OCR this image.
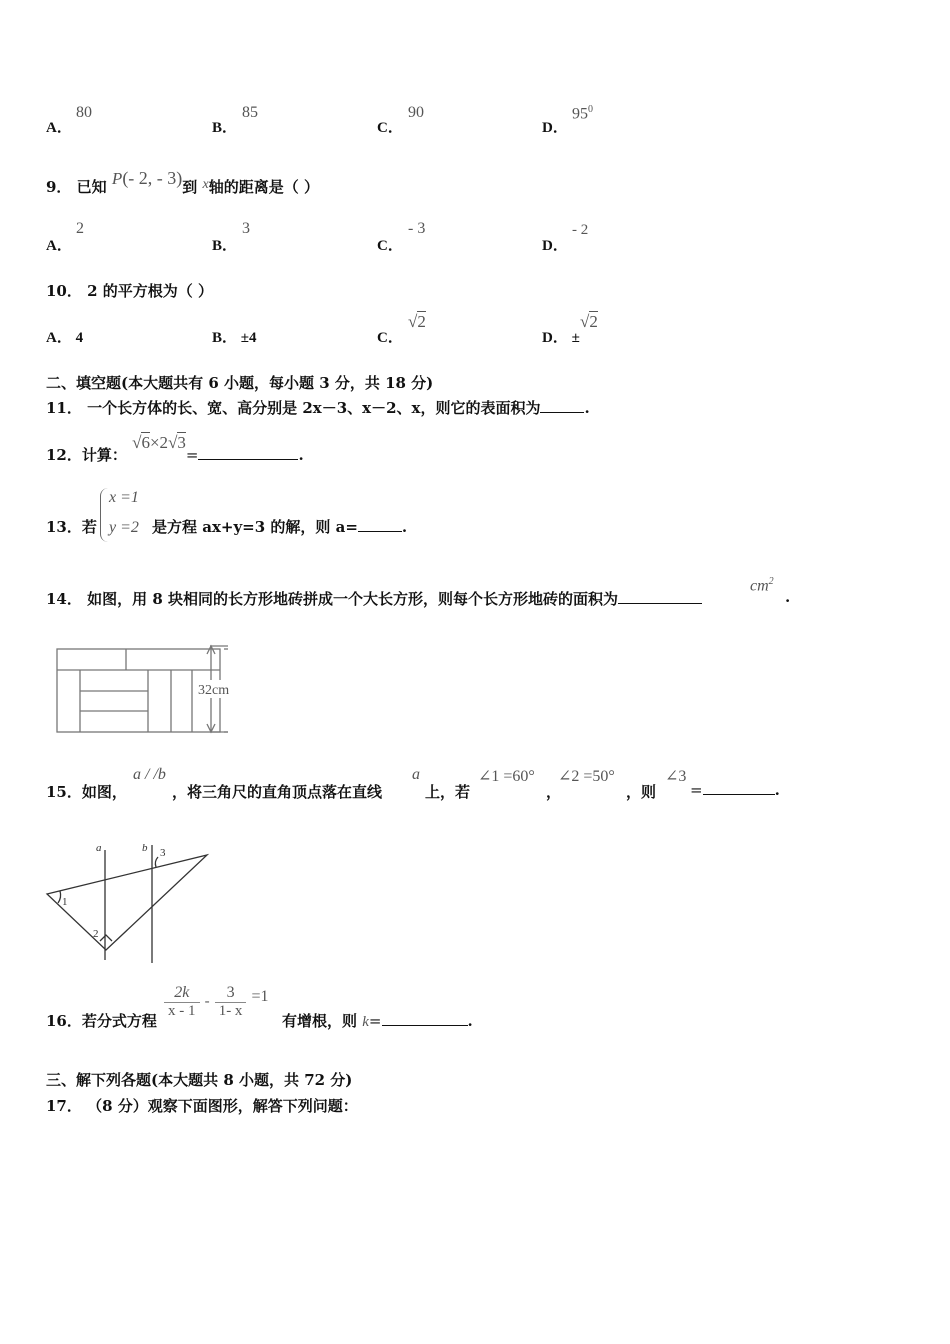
A．
80
B．
85
C．
90
D．
$95^0$
9． 已知 P(- 2, - 3)到 x轴的距离是（ ）
A．
2
B．
3
C．
- 3
D．
- 2
10． 2 的平方根为（ ）
A． 4	B． ±4	C．
√2
D． ±
√2
二、填空题(本大题共有 6 小题，每小题 3 分，共 18 分)
11． 一个长方体的长、宽、高分别是 2x－3、x－2、x，则它的表面积为	.
12．计算： √6×2√3=	.
13．若
x =1
y =2 是方程 ax+y=3 的解，则 a=	.
14． 如图，用 8 块相同的长方形地砖拼成一个大长方形，则每个长方形地砖的面积为
$cm^2$
.
32cm
15．如图，
a / /b
，将三角尺的直角顶点落在直线
a
上，若
∠1 =60°
，
∠2 =50°
，则
∠3
=	.
a	b
1
2
3
16．若分式方程
$\frac{2k}{x - 1} - \frac{3}{1- x} =1$
有增根，则 k=	.
三、解下列各题(本大题共 8 小题，共 72 分)
17． （8 分）观察下面图形，解答下列问题：
